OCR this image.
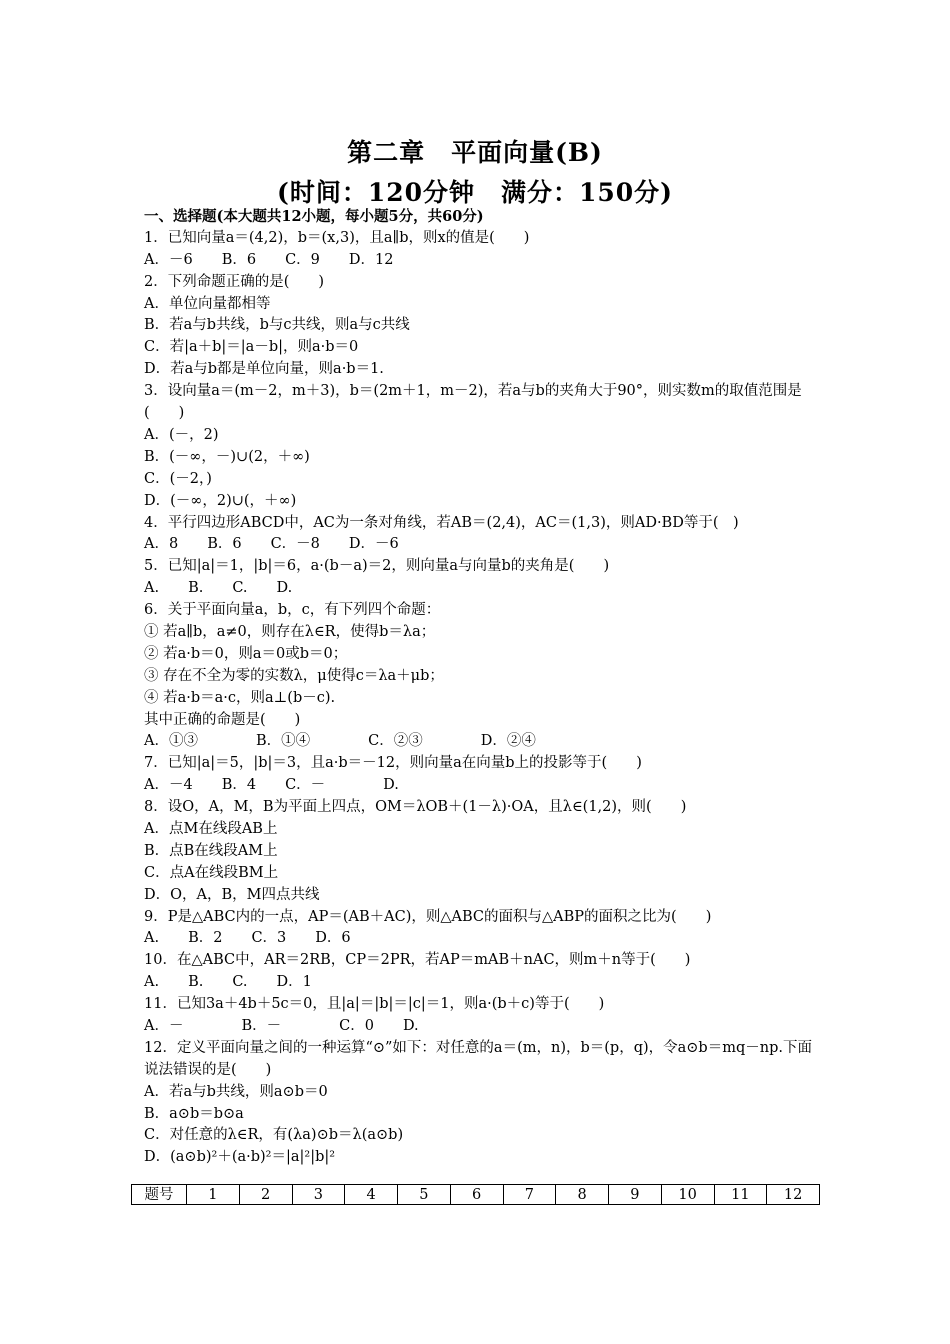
第二章　平面向量(B)
(时间：120分钟　满分：150分)
一、选择题(本大题共12小题，每小题5分，共60分)
1．已知向量a＝(4,2)，b＝(x,3)，且a∥b，则x的值是(　　)
A．－6　　B．6　　C．9　　D．12
2．下列命题正确的是(　　)
A．单位向量都相等
B．若a与b共线，b与c共线，则a与c共线
C．若|a＋b|＝|a－b|，则a·b＝0
D．若a与b都是单位向量，则a·b＝1.
3．设向量a＝(m－2，m＋3)，b＝(2m＋1，m－2)，若a与b的夹角大于90°，则实数m的取值范围是(　　)
A．(－，2)
B．(－∞，－)∪(2，＋∞)
C．(－2，)
D．(－∞，2)∪(，＋∞)
4．平行四边形ABCD中，AC为一条对角线，若AB＝(2,4)，AC＝(1,3)，则AD·BD等于(　)
A．8　　B．6　　C．－8　　D．－6
5．已知|a|＝1，|b|＝6，a·(b－a)＝2，则向量a与向量b的夹角是(　　)
A.　　B.　　C.　　D.
6．关于平面向量a，b，c，有下列四个命题：
① 若a∥b，a≠0，则存在λ∈R，使得b＝λa；
② 若a·b＝0，则a＝0或b＝0；
③ 存在不全为零的实数λ，μ使得c＝λa＋μb；
④ 若a·b＝a·c，则a⊥(b－c).
其中正确的命题是(　　)
A．①③　　　　B．①④　　　　C．②③　　　　D．②④
7．已知|a|＝5，|b|＝3，且a·b＝－12，则向量a在向量b上的投影等于(　　)
A．－4　　B．4　　C．－　　　　D.
8．设O，A，M，B为平面上四点，OM＝λOB＋(1－λ)·OA，且λ∈(1,2)，则(　　)
A．点M在线段AB上
B．点B在线段AM上
C．点A在线段BM上
D．O，A，B，M四点共线
9．P是△ABC内的一点，AP＝(AB＋AC)，则△ABC的面积与△ABP的面积之比为(　　)
A.　　B．2　　C．3　　D．6
10．在△ABC中，AR＝2RB，CP＝2PR，若AP＝mAB＋nAC，则m＋n等于(　　)
A.　　B.　　C.　　D．1
11．已知3a＋4b＋5c＝0，且|a|＝|b|＝|c|＝1，则a·(b＋c)等于(　　)
A．－　　　　B．－　　　　C．0　　D.
12．定义平面向量之间的一种运算“⊙”如下：对任意的a＝(m，n)，b＝(p，q)，令a⊙b＝mq－np.下面说法错误的是(　　)
A．若a与b共线，则a⊙b＝0
B．a⊙b＝b⊙a
C．对任意的λ∈R，有(λa)⊙b＝λ(a⊙b)
D．(a⊙b)²＋(a·b)²＝|a|²|b|²
题号	1	2	3	4	5	6	7	8	9	10	11	12
